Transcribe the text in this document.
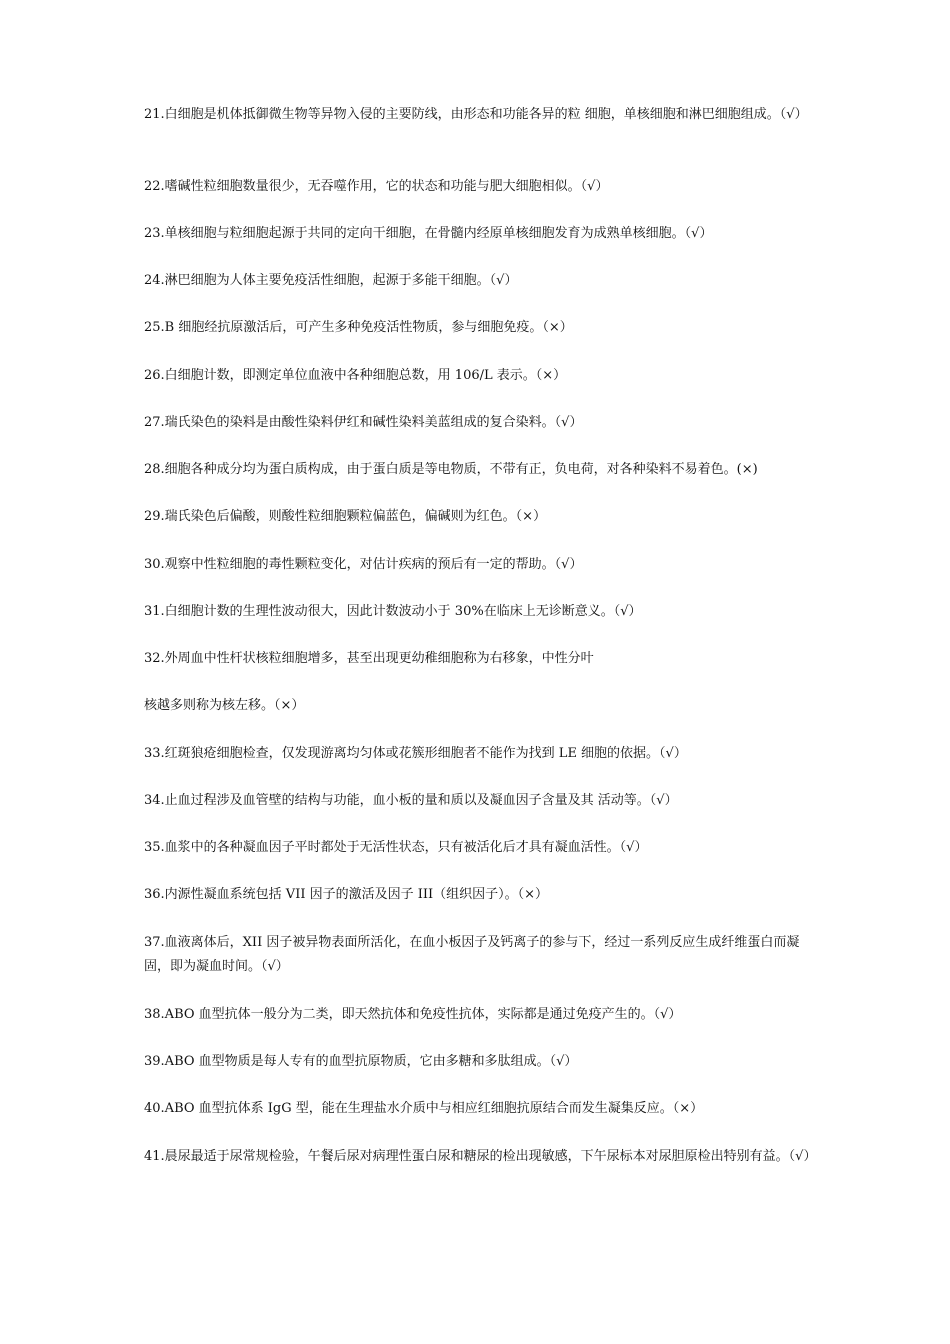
21.白细胞是机体抵御微生物等异物入侵的主要防线，由形态和功能各异的粒 细胞，单核细胞和淋巴细胞组成。（√）
22.嗜碱性粒细胞数量很少，无吞噬作用，它的状态和功能与肥大细胞相似。（√）
23.单核细胞与粒细胞起源于共同的定向干细胞，在骨髓内经原单核细胞发育为成熟单核细胞。（√）
24.淋巴细胞为人体主要免疫活性细胞，起源于多能干细胞。（√）
25.B 细胞经抗原激活后，可产生多种免疫活性物质，参与细胞免疫。（×）
26.白细胞计数，即测定单位血液中各种细胞总数，用 106/L 表示。（×）
27.瑞氏染色的染料是由酸性染料伊红和碱性染料美蓝组成的复合染料。（√）
28.细胞各种成分均为蛋白质构成，由于蛋白质是等电物质，不带有正，负电荷，对各种染料不易着色。(×)
29.瑞氏染色后偏酸，则酸性粒细胞颗粒偏蓝色，偏碱则为红色。（×）
30.观察中性粒细胞的毒性颗粒变化，对估计疾病的预后有一定的帮助。（√）
31.白细胞计数的生理性波动很大，因此计数波动小于 30%在临床上无诊断意义。（√）
32.外周血中性杆状核粒细胞增多，甚至出现更幼稚细胞称为右移象，中性分叶
核越多则称为核左移。（×）
33.红斑狼疮细胞检查，仅发现游离均匀体或花簇形细胞者不能作为找到 LE 细胞的依据。（√）
34.止血过程涉及血管壁的结构与功能，血小板的量和质以及凝血因子含量及其 活动等。（√）
35.血浆中的各种凝血因子平时都处于无活性状态，只有被活化后才具有凝血活性。（√）
36.内源性凝血系统包括 VII 因子的激活及因子 III（组织因子）。（×）
37.血液离体后，XII 因子被异物表面所活化，在血小板因子及钙离子的参与下，经过一系列反应生成纤维蛋白而凝固，即为凝血时间。（√）
38.ABO 血型抗体一般分为二类，即天然抗体和免疫性抗体，实际都是通过免疫产生的。（√）
39.ABO 血型物质是每人专有的血型抗原物质，它由多糖和多肽组成。（√）
40.ABO 血型抗体系 IgG 型，能在生理盐水介质中与相应红细胞抗原结合而发生凝集反应。（×）
41.晨尿最适于尿常规检验，午餐后尿对病理性蛋白尿和糖尿的检出现敏感，下午尿标本对尿胆原检出特别有益。（√）
